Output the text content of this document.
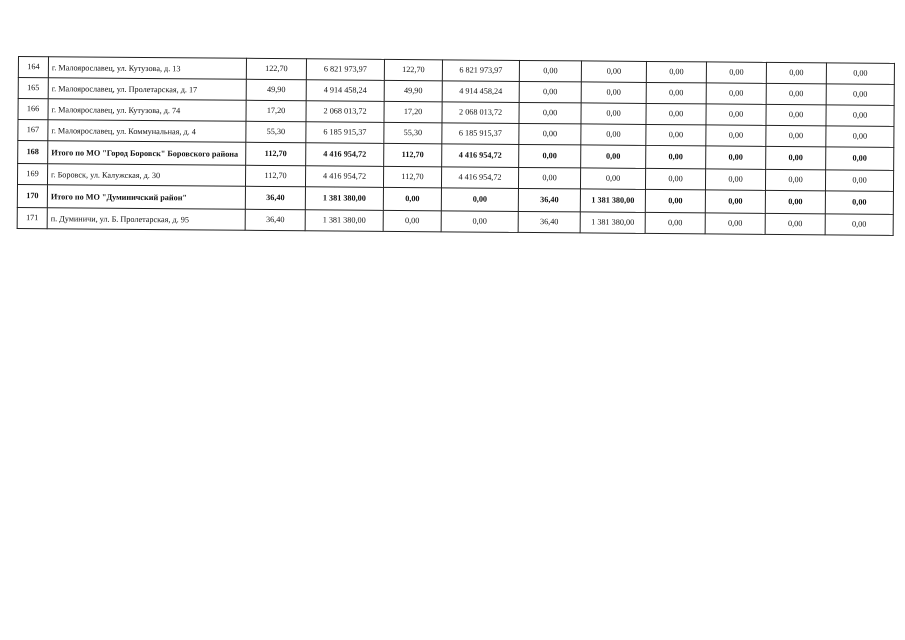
164	г. Малоярославец, ул. Кутузова, д. 13	122,70	6 821 973,97	122,70	6 821 973,97	0,00	0,00	0,00	0,00	0,00	0,00
165	г. Малоярославец, ул. Пролетарская, д. 17	49,90	4 914 458,24	49,90	4 914 458,24	0,00	0,00	0,00	0,00	0,00	0,00
166	г. Малоярославец, ул. Кутузова, д. 74	17,20	2 068 013,72	17,20	2 068 013,72	0,00	0,00	0,00	0,00	0,00	0,00
167	г. Малоярославец, ул. Коммунальная, д. 4	55,30	6 185 915,37	55,30	6 185 915,37	0,00	0,00	0,00	0,00	0,00	0,00
168	Итого по МО "Город Боровск" Боровского района	112,70	4 416 954,72	112,70	4 416 954,72	0,00	0,00	0,00	0,00	0,00	0,00
169	г. Боровск, ул. Калужская, д. 30	112,70	4 416 954,72	112,70	4 416 954,72	0,00	0,00	0,00	0,00	0,00	0,00
170	Итого по МО "Думиничский район"	36,40	1 381 380,00	0,00	0,00	36,40	1 381 380,00	0,00	0,00	0,00	0,00
171	п. Думиничи, ул. Б. Пролетарская, д. 95	36,40	1 381 380,00	0,00	0,00	36,40	1 381 380,00	0,00	0,00	0,00	0,00
